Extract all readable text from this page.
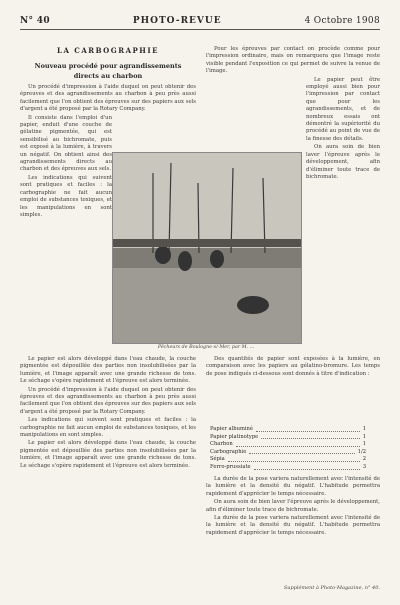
N° 40	PHOTO-REVUE	4 Octobre 1908
LA CARBOGRAPHIE
Nouveau procédé pour agrandissements
directs au charbon

Un procédé d'impression à l'aide duquel on peut obtenir des épreuves et des agrandissements au charbon à peu près aussi facilement que l'on obtient des épreuves sur des papiers aux sels d'argent a été proposé par la Rotary Company.

Il consiste dans l'emploi d'un papier, enduit d'une couche de gélatine pigmentée, qui est sensibilisé au bichromate, puis est exposé à la lumière, à travers un négatif. On obtient ainsi des agrandissements directs au charbon et des épreuves aux sels.

Les indications qui suivent sont pratiques et faciles : la carbographie ne fait aucun emploi de substances toxiques, et les manipulations en sont simples.

Pour les épreuves par contact on procède comme pour l'impression ordinaire, mais on remarquera que l'image reste visible pendant l'exposition ce qui permet de suivre la venue de l'image.

Le papier peut être employé aussi bien pour l'impression par contact que pour les agrandissements, et de nombreux essais ont démontré la supériorité du procédé au point de vue de la finesse des détails.

On aura soin de bien laver l'épreuve après le développement, afin d'éliminer toute trace de bichromate.

Pêcheurs de Boulogne-s/-Mer, par M. ...

Le papier est alors développé dans l'eau chaude, la couche pigmentée est dépouillée des parties non insolubilisées par la lumière, et l'image apparaît avec une grande richesse de tons. Le séchage s'opère rapidement et l'épreuve est alors terminée.

Un procédé d'impression à l'aide duquel on peut obtenir des épreuves et des agrandissements au charbon à peu près aussi facilement que l'on obtient des épreuves sur des papiers aux sels d'argent a été proposé par la Rotary Company.

Les indications qui suivent sont pratiques et faciles : la carbographie ne fait aucun emploi de substances toxiques, et les manipulations en sont simples.

Le papier est alors développé dans l'eau chaude, la couche pigmentée est dépouillée des parties non insolubilisées par la lumière, et l'image apparaît avec une grande richesse de tons. Le séchage s'opère rapidement et l'épreuve est alors terminée.

Des quantités de papier sont exposées à la lumière, en comparaison avec les papiers au gélatino-bromure. Les temps de pose indiqués ci-dessous sont donnés à titre d'indication :

Papier albuminé	1
Papier platinotype	1
Charbon	1
Carbographie	1/2
Sépia	2
Ferro-prussiate	3

La durée de la pose variera naturellement avec l'intensité de la lumière et la densité du négatif. L'habitude permettra rapidement d'apprécier le temps nécessaire.

On aura soin de bien laver l'épreuve après le développement, afin d'éliminer toute trace de bichromate.

La durée de la pose variera naturellement avec l'intensité de la lumière et la densité du négatif. L'habitude permettra rapidement d'apprécier le temps nécessaire.

Supplément à Photo-Magazine, n° 40.
